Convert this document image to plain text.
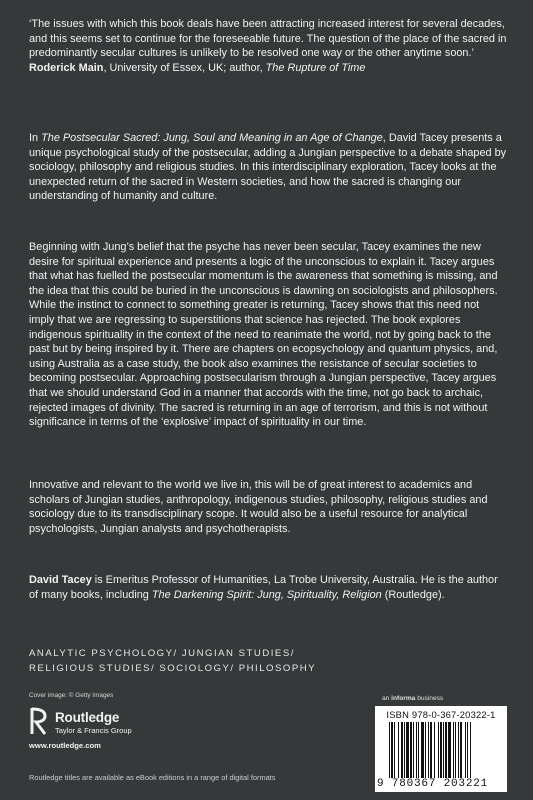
‘The issues with which this book deals have been attracting increased interest for several decades, and this seems set to continue for the foreseeable future. The question of the place of the sacred in predominantly secular cultures is unlikely to be resolved one way or the other anytime soon.’
Roderick Main, University of Essex, UK; author, The Rupture of Time

In The Postsecular Sacred: Jung, Soul and Meaning in an Age of Change, David Tacey presents a unique psychological study of the postsecular, adding a Jungian perspective to a debate shaped by sociology, philosophy and religious studies. In this interdisciplinary exploration, Tacey looks at the unexpected return of the sacred in Western societies, and how the sacred is changing our understanding of humanity and culture.

Beginning with Jung’s belief that the psyche has never been secular, Tacey examines the new desire for spiritual experience and presents a logic of the unconscious to explain it. Tacey argues that what has fuelled the postsecular momentum is the awareness that something is missing, and the idea that this could be buried in the unconscious is dawning on sociologists and philosophers. While the instinct to connect to something greater is returning, Tacey shows that this need not imply that we are regressing to superstitions that science has rejected. The book explores indigenous spirituality in the context of the need to reanimate the world, not by going back to the past but by being inspired by it. There are chapters on ecopsychology and quantum physics, and, using Australia as a case study, the book also examines the resistance of secular societies to becoming postsecular. Approaching postsecularism through a Jungian perspective, Tacey argues that we should understand God in a manner that accords with the time, not go back to archaic, rejected images of divinity. The sacred is returning in an age of terrorism, and this is not without significance in terms of the ‘explosive’ impact of spirituality in our time.

Innovative and relevant to the world we live in, this will be of great interest to academics and scholars of Jungian studies, anthropology, indigenous studies, philosophy, religious studies and sociology due to its transdisciplinary scope. It would also be a useful resource for analytical psychologists, Jungian analysts and psychotherapists.

David Tacey is Emeritus Professor of Humanities, La Trobe University, Australia. He is the author of many books, including The Darkening Spirit: Jung, Spirituality, Religion (Routledge).

ANALYTIC PSYCHOLOGY/ JUNGIAN STUDIES/
RELIGIOUS STUDIES/ SOCIOLOGY/ PHILOSOPHY
Cover image: © Getty Images
Routledge
Taylor & Francis Group
www.routledge.com
Routledge titles are available as eBook editions in a range of digital formats
an informa business
ISBN 978-0-367-20322-1
9 780367 203221
